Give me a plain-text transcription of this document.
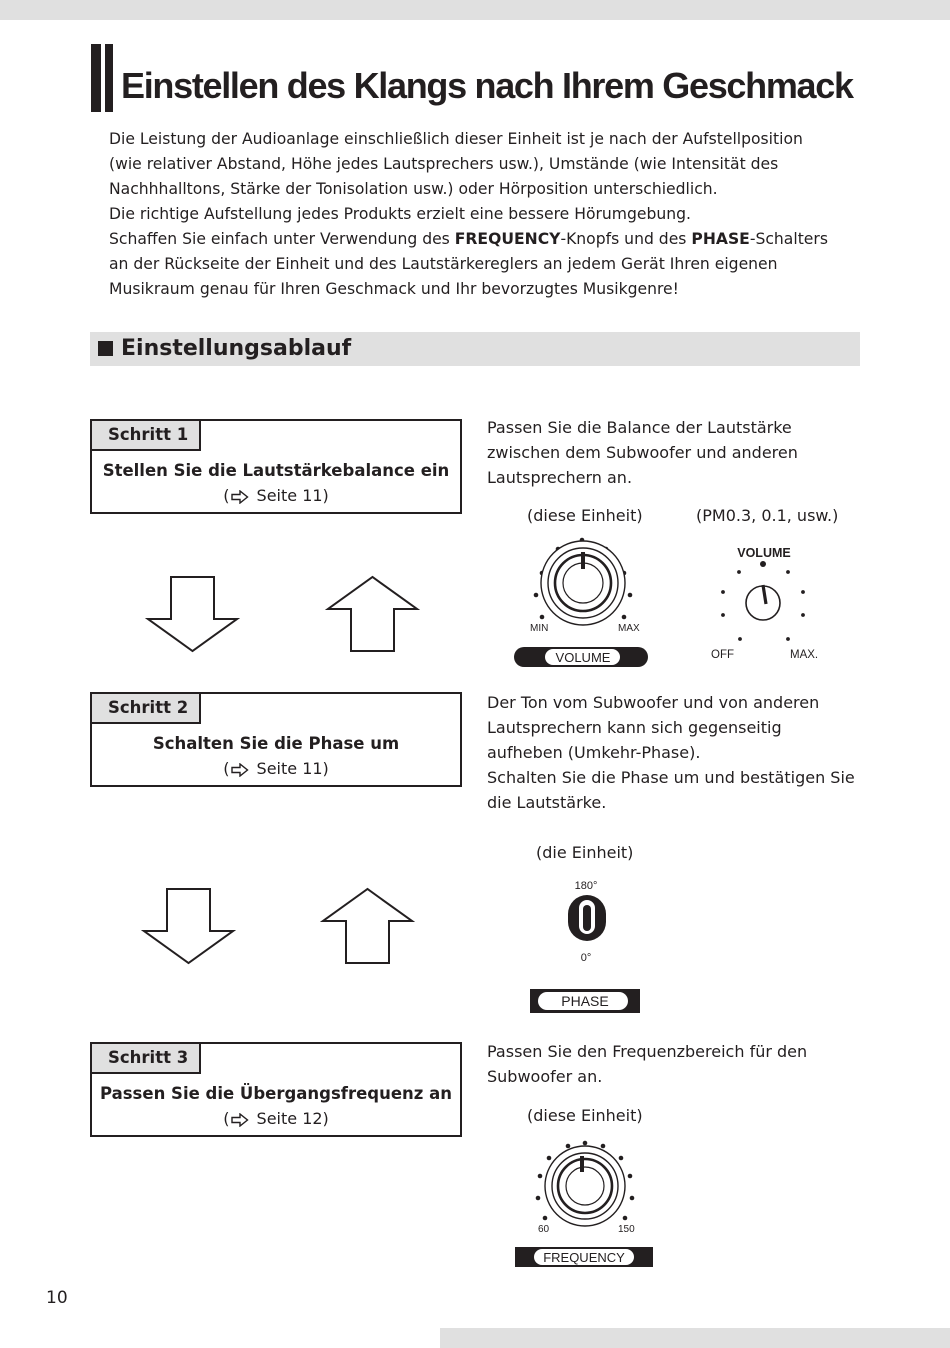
Einstellen des Klangs nach Ihrem Geschmack

Die Leistung der Audioanlage einschließlich dieser Einheit ist je nach der Aufstellposition

(wie relativer Abstand, Höhe jedes Lautsprechers usw.), Umstände (wie Intensität des

Nachhhalltons, Stärke der Tonisolation usw.) oder Hörposition unterschiedlich.

Die richtige Aufstellung jedes Produkts erzielt eine bessere Hörumgebung.

Schaffen Sie einfach unter Verwendung des FREQUENCY-Knopfs und des PHASE-Schalters

an der Rückseite der Einheit und des Lautstärkereglers an jedem Gerät Ihren eigenen

Musikraum genau für Ihren Geschmack und Ihr bevorzugtes Musikgenre!

Einstellungsablauf
Schritt 1
Stellen Sie die Lautstärkebalance ein
( Seite 11)

Passen Sie die Balance der Lautstärke

zwischen dem Subwoofer und anderen

Lautsprechern an.

(diese Einheit)	(PM0.3, 0.1, usw.)
MIN	MAX
VOLUME
VOLUME
OFF	MAX.
Schritt 2
Schalten Sie die Phase um
( Seite 11)

Der Ton vom Subwoofer und von anderen

Lautsprechern kann sich gegenseitig

aufheben (Umkehr-Phase).

Schalten Sie die Phase um und bestätigen Sie

die Lautstärke.

(die Einheit)
180°
0°
PHASE
Schritt 3
Passen Sie die Übergangsfrequenz an
( Seite 12)

Passen Sie den Frequenzbereich für den

Subwoofer an.

(diese Einheit)
60	150
FREQUENCY
10
